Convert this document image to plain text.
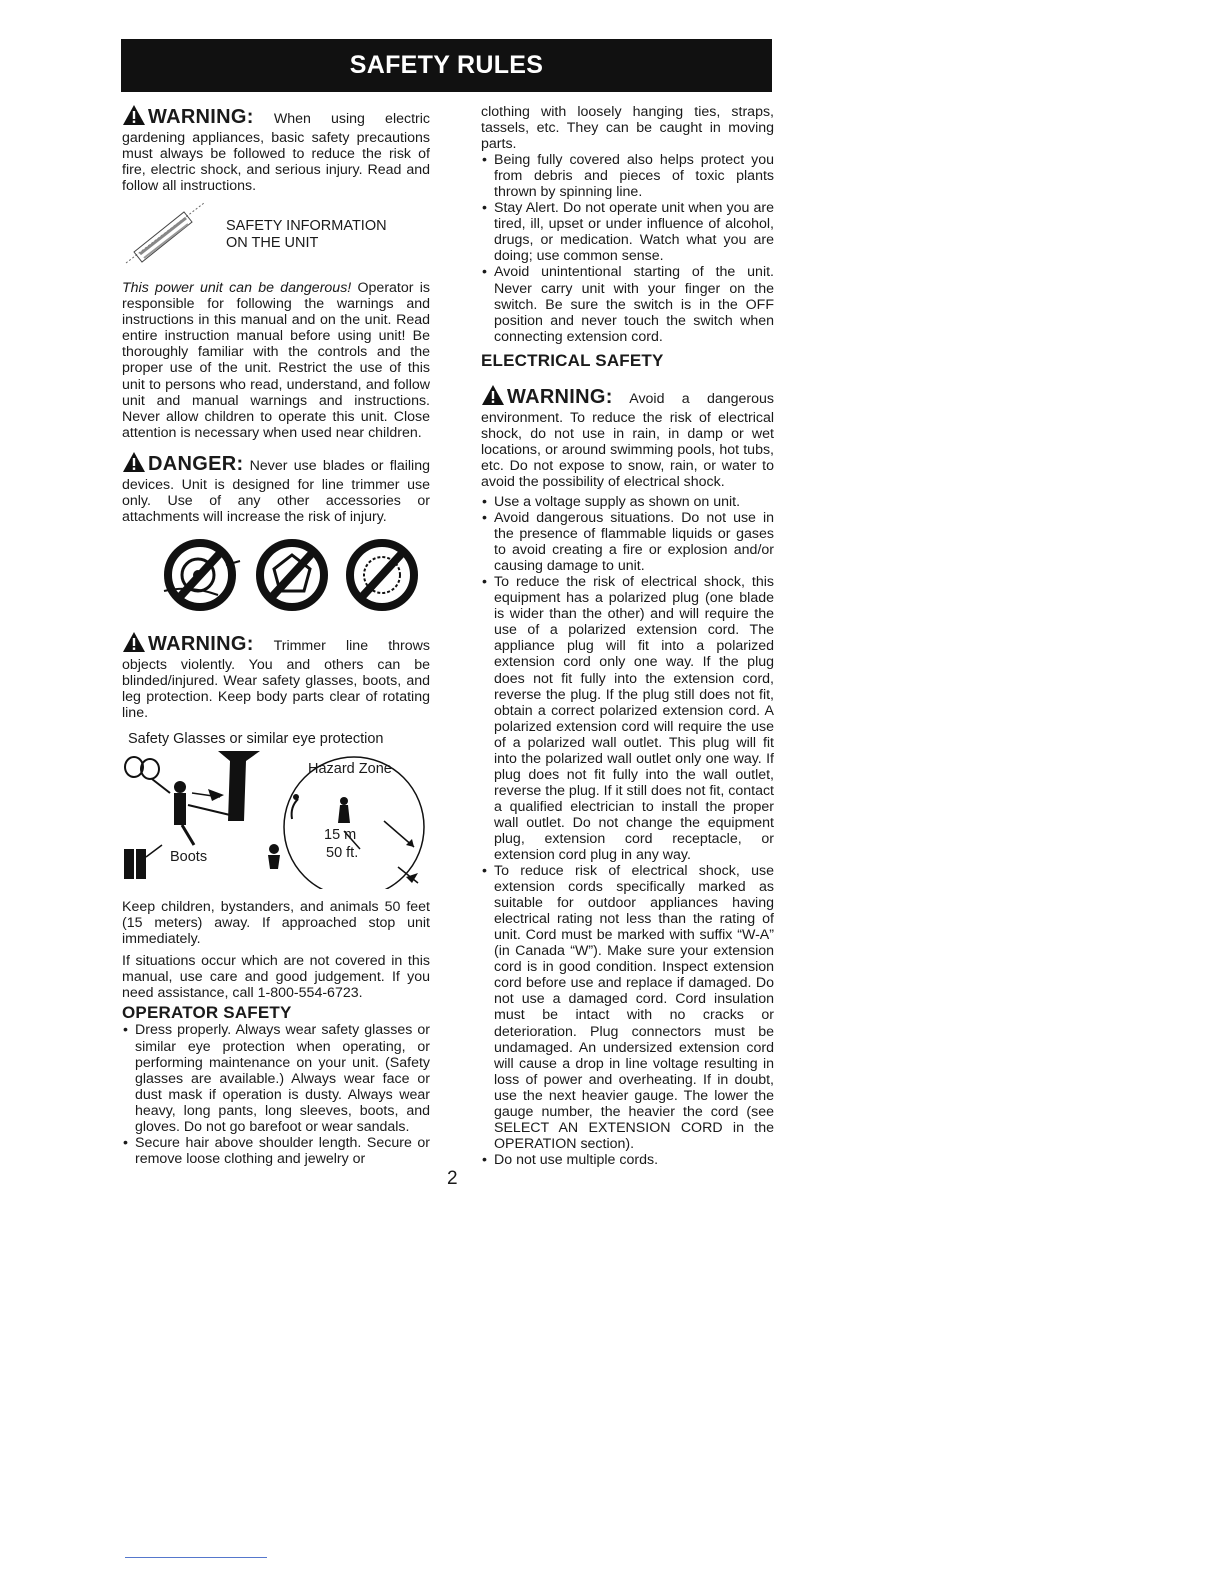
SAFETY RULES

WARNING: When using electric gardening appliances, basic safety precautions must always be followed to reduce the risk of fire, electric shock, and serious injury. Read and follow all instructions.

SAFETY INFORMATION
ON THE UNIT

This power unit can be dangerous! Operator is responsible for following the warnings and instructions in this manual and on the unit. Read entire instruction manual before using unit! Be thoroughly familiar with the controls and the proper use of the unit. Restrict the use of this unit to persons who read, understand, and follow unit and manual warnings and instructions. Never allow children to operate this unit. Close attention is necessary when used near children.

DANGER: Never use blades or flailing devices. Unit is designed for line trimmer use only. Use of any other accessories or attachments will increase the risk of injury.

WARNING: Trimmer line throws objects violently. You and others can be blinded/injured. Wear safety glasses, boots, and leg protection. Keep body parts clear of rotating line.

Safety Glasses or similar eye protection
Hazard Zone
15 m
50 ft.
Boots

Keep children, bystanders, and animals 50 feet (15 meters) away. If approached stop unit immediately.

If situations occur which are not covered in this manual, use care and good judgement. If you need assistance, call 1-800-554-6723.

OPERATOR SAFETY

• Dress properly. Always wear safety glasses or similar eye protection when operating, or performing maintenance on your unit. (Safety glasses are available.) Always wear face or dust mask if operation is dusty. Always wear heavy, long pants, long sleeves, boots, and gloves. Do not go barefoot or wear sandals.
• Secure hair above shoulder length. Secure or remove loose clothing and jewelry or

clothing with loosely hanging ties, straps, tassels, etc. They can be caught in moving parts.

• Being fully covered also helps protect you from debris and pieces of toxic plants thrown by spinning line.
• Stay Alert. Do not operate unit when you are tired, ill, upset or under influence of alcohol, drugs, or medication. Watch what you are doing; use common sense.
• Avoid unintentional starting of the unit. Never carry unit with your finger on the switch. Be sure the switch is in the OFF position and never touch the switch when connecting extension cord.

ELECTRICAL SAFETY

WARNING: Avoid a dangerous environment. To reduce the risk of electrical shock, do not use in rain, in damp or wet locations, or around swimming pools, hot tubs, etc. Do not expose to snow, rain, or water to avoid the possibility of electrical shock.

• Use a voltage supply as shown on unit.
• Avoid dangerous situations. Do not use in the presence of flammable liquids or gases to avoid creating a fire or explosion and/or causing damage to unit.
• To reduce the risk of electrical shock, this equipment has a polarized plug (one blade is wider than the other) and will require the use of a polarized extension cord. The appliance plug will fit into a polarized extension cord only one way. If the plug does not fit fully into the extension cord, reverse the plug. If the plug still does not fit, obtain a correct polarized extension cord. A polarized extension cord will require the use of a polarized wall outlet. This plug will fit into the polarized wall outlet only one way. If plug does not fit fully into the wall outlet, reverse the plug. If it still does not fit, contact a qualified electrician to install the proper wall outlet. Do not change the equipment plug, extension cord receptacle, or extension cord plug in any way.
• To reduce risk of electrical shock, use extension cords specifically marked as suitable for outdoor appliances having electrical rating not less than the rating of unit. Cord must be marked with suffix “W-A” (in Canada “W”). Make sure your extension cord is in good condition. Inspect extension cord before use and replace if damaged. Do not use a damaged cord. Cord insulation must be intact with no cracks or deterioration. Plug connectors must be undamaged. An undersized extension cord will cause a drop in line voltage resulting in loss of power and overheating. If in doubt, use the next heavier gauge. The lower the gauge number, the heavier the cord (see SELECT AN EXTENSION CORD in the OPERATION section).
• Do not use multiple cords.
2
